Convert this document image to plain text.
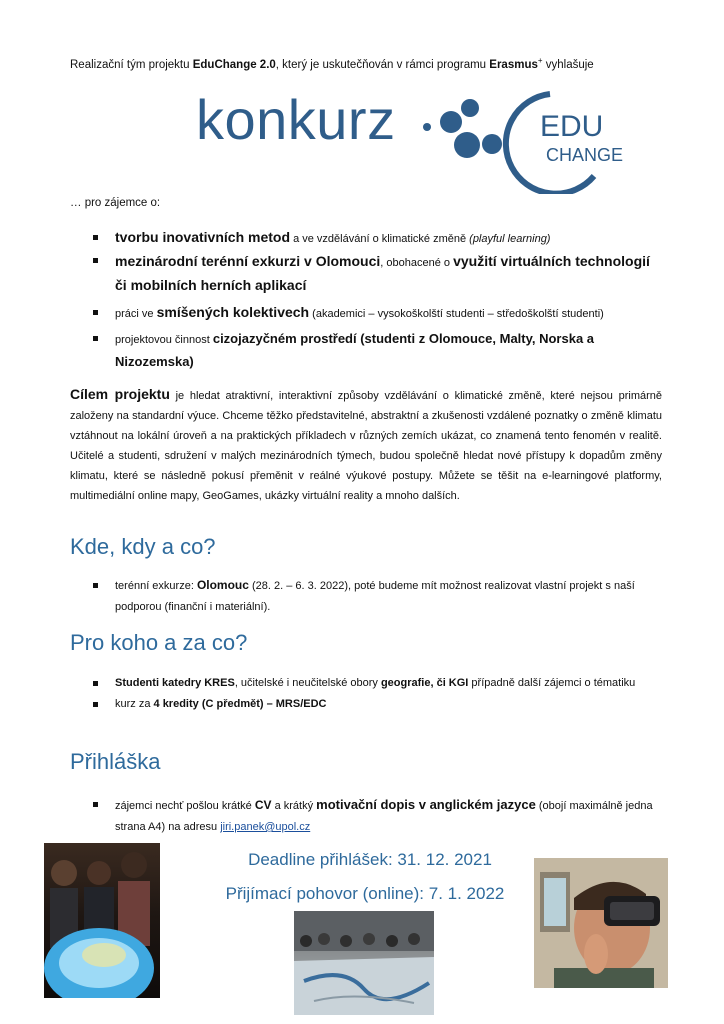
Realizační tým projektu EduChange 2.0, který je uskutečňován v rámci programu Erasmus+ vyhlašuje
konkurz	EDU
CHANGE
… pro zájemce o:
tvorbu inovativních metod a ve vzdělávání o klimatické změně (playful learning)
mezinárodní terénní exkurzi v Olomouci, obohacené o využití virtuálních technologií či mobilních herních aplikací
práci ve smíšených kolektivech (akademici – vysokoškolští studenti – středoškolští studenti)
projektovou činnost cizojazyčném prostředí (studenti z Olomouce, Malty, Norska a Nizozemska)
Cílem projektu je hledat atraktivní, interaktivní způsoby vzdělávání o klimatické změně, které nejsou primárně založeny na standardní výuce. Chceme těžko představitelné, abstraktní a zkušenosti vzdálené poznatky o změně klimatu vztáhnout na lokální úroveň a na praktických příkladech v různých zemích ukázat, co znamená tento fenomén v realitě. Učitelé a studenti, sdružení v malých mezinárodních týmech, budou společně hledat nové přístupy k dopadům změny klimatu, které se následně pokusí přeměnit v reálné výukové postupy. Můžete se těšit na e-learningové platformy, multimediální online mapy, GeoGames, ukázky virtuální reality a mnoho dalších.
Kde, kdy a co?
terénní exkurze: Olomouc (28. 2. – 6. 3. 2022), poté budeme mít možnost realizovat vlastní projekt s naší podporou (finanční i materiální).
Pro koho a za co?
Studenti katedry KRES, učitelské i neučitelské obory geografie, či KGI případně další zájemci o tématiku
kurz za 4 kredity (C předmět) – MRS/EDC
Přihláška
zájemci nechť pošlou krátké CV a krátký motivační dopis v anglickém jazyce (obojí maximálně jedna strana A4) na adresu jiri.panek@upol.cz
Deadline přihlášek: 31. 12. 2021
Přijímací pohovor (online): 7. 1. 2022
